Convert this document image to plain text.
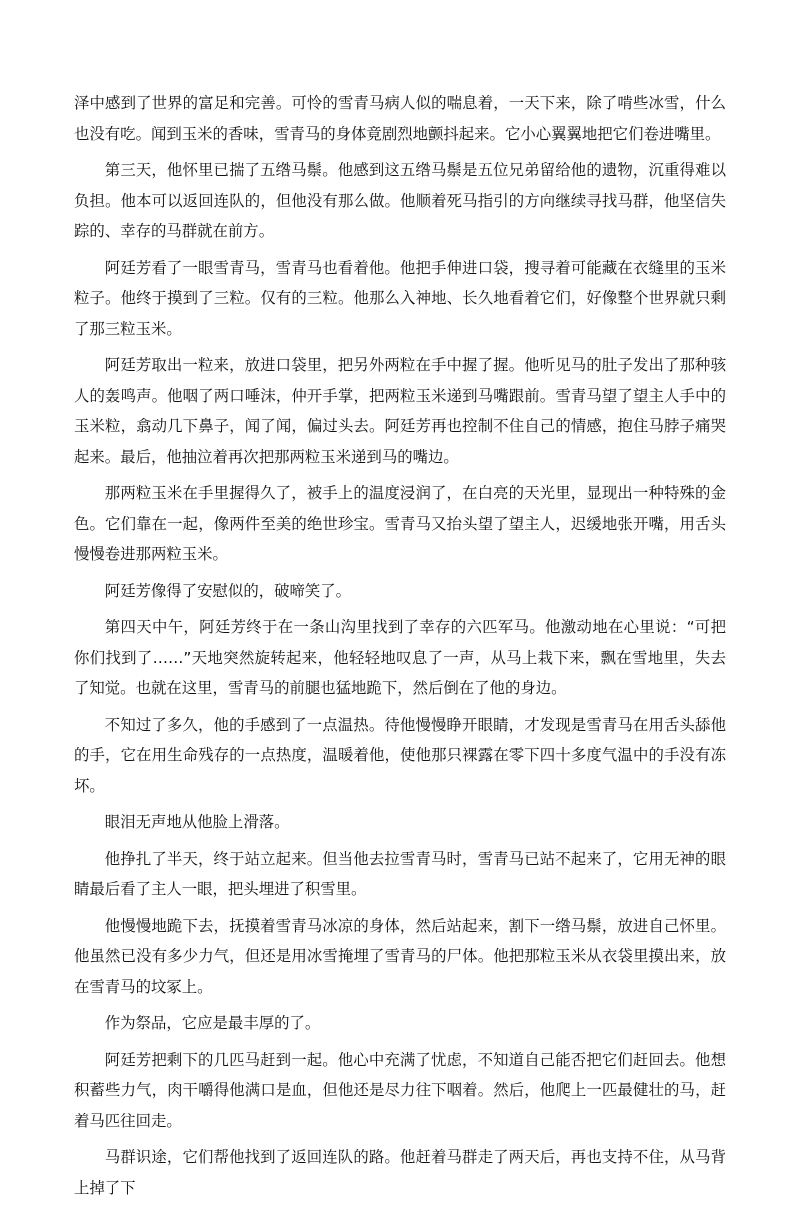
泽中感到了世界的富足和完善。可怜的雪青马病人似的喘息着，一天下来，除了啃些冰雪，什么也没有吃。闻到玉米的香味，雪青马的身体竟剧烈地颤抖起来。它小心翼翼地把它们卷进嘴里。

第三天，他怀里已揣了五绺马鬃。他感到这五绺马鬃是五位兄弟留给他的遗物，沉重得难以负担。他本可以返回连队的，但他没有那么做。他顺着死马指引的方向继续寻找马群，他坚信失踪的、幸存的马群就在前方。

阿廷芳看了一眼雪青马，雪青马也看着他。他把手伸进口袋，搜寻着可能藏在衣缝里的玉米粒子。他终于摸到了三粒。仅有的三粒。他那么入神地、长久地看着它们，好像整个世界就只剩了那三粒玉米。

阿廷芳取出一粒来，放进口袋里，把另外两粒在手中握了握。他听见马的肚子发出了那种骇人的轰鸣声。他咽了两口唾沫，仲开手掌，把两粒玉米递到马嘴跟前。雪青马望了望主人手中的玉米粒，翕动几下鼻子，闻了闻，偏过头去。阿廷芳再也控制不住自己的情感，抱住马脖子痛哭起来。最后，他抽泣着再次把那两粒玉米递到马的嘴边。

那两粒玉米在手里握得久了，被手上的温度浸润了，在白亮的天光里，显现出一种特殊的金色。它们靠在一起，像两件至美的绝世珍宝。雪青马又抬头望了望主人，迟缓地张开嘴，用舌头慢慢卷进那两粒玉米。

阿廷芳像得了安慰似的，破啼笑了。

第四天中午，阿廷芳终于在一条山沟里找到了幸存的六匹军马。他激动地在心里说：“可把你们找到了……”天地突然旋转起来，他轻轻地叹息了一声，从马上栽下来，飘在雪地里，失去了知觉。也就在这里，雪青马的前腿也猛地跪下，然后倒在了他的身边。

不知过了多久，他的手感到了一点温热。待他慢慢睁开眼睛，才发现是雪青马在用舌头舔他的手，它在用生命残存的一点热度，温暖着他，使他那只裸露在零下四十多度气温中的手没有冻坏。

眼泪无声地从他脸上滑落。

他挣扎了半天，终于站立起来。但当他去拉雪青马时，雪青马已站不起来了，它用无神的眼睛最后看了主人一眼，把头埋进了积雪里。

他慢慢地跪下去，抚摸着雪青马冰凉的身体，然后站起来，割下一绺马鬃，放进自己怀里。他虽然已没有多少力气，但还是用冰雪掩埋了雪青马的尸体。他把那粒玉米从衣袋里摸出来，放在雪青马的坟冢上。

作为祭品，它应是最丰厚的了。

阿廷芳把剩下的几匹马赶到一起。他心中充满了忧虑，不知道自己能否把它们赶回去。他想积蓄些力气，肉干嚼得他满口是血，但他还是尽力往下咽着。然后，他爬上一匹最健壮的马，赶着马匹往回走。

马群识途，它们帮他找到了返回连队的路。他赶着马群走了两天后，再也支持不住，从马背上掉了下
